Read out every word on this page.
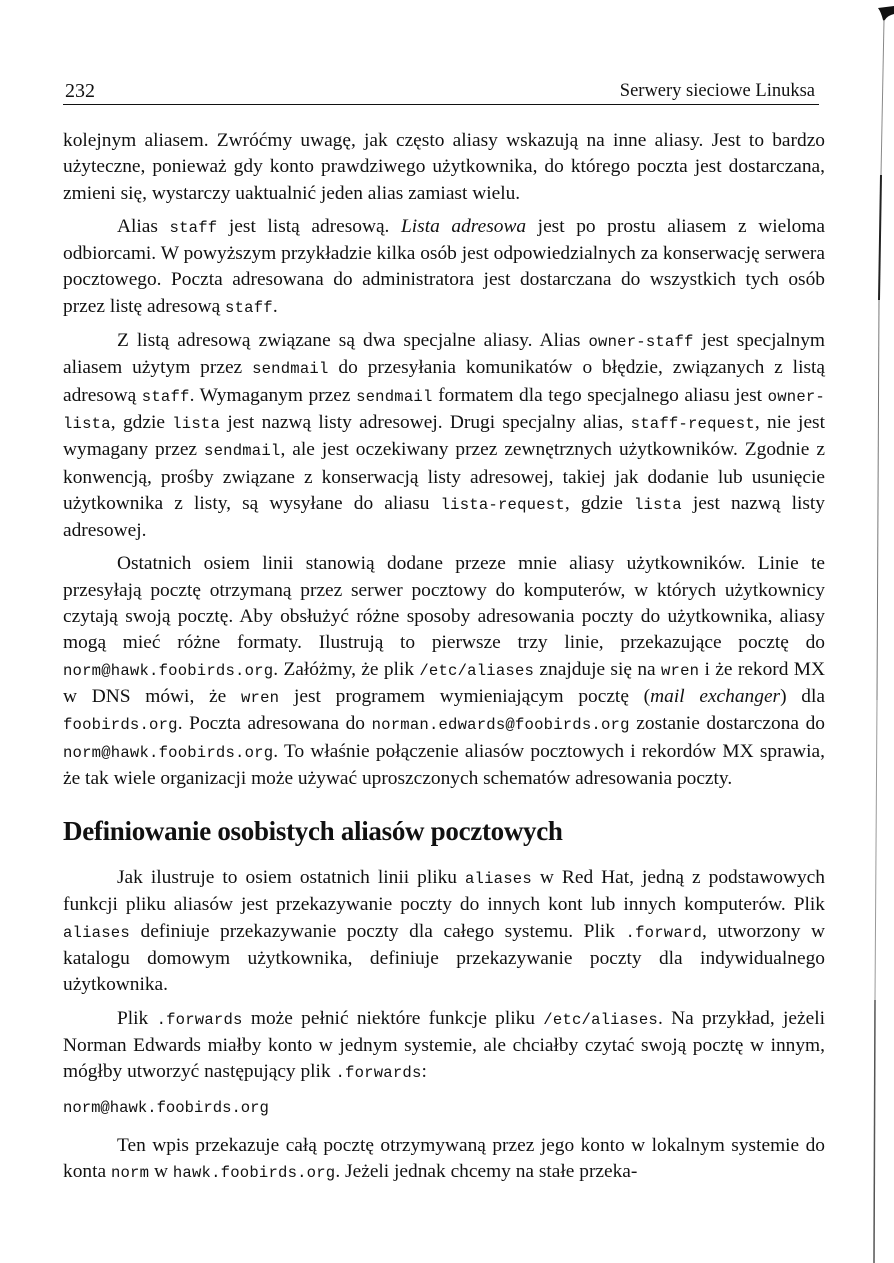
232	Serwery sieciowe Linuksa

kolejnym aliasem. Zwróćmy uwagę, jak często aliasy wskazują na inne aliasy. Jest to bardzo użyteczne, ponieważ gdy konto prawdziwego użytkownika, do którego poczta jest dostarczana, zmieni się, wystarczy uaktualnić jeden alias zamiast wielu.

Alias staff jest listą adresową. Lista adresowa jest po prostu aliasem z wieloma odbiorcami. W powyższym przykładzie kilka osób jest odpowiedzialnych za konserwację serwera pocztowego. Poczta adresowana do administratora jest dostarczana do wszystkich tych osób przez listę adresową staff.

Z listą adresową związane są dwa specjalne aliasy. Alias owner-staff jest specjalnym aliasem użytym przez sendmail do przesyłania komunikatów o błędzie, związanych z listą adresową staff. Wymaganym przez sendmail formatem dla tego specjalnego aliasu jest owner-lista, gdzie lista jest nazwą listy adresowej. Drugi specjalny alias, staff-request, nie jest wymagany przez sendmail, ale jest oczekiwany przez zewnętrznych użytkowników. Zgodnie z konwencją, prośby związane z konserwacją listy adresowej, takiej jak dodanie lub usunięcie użytkownika z listy, są wysyłane do aliasu lista-request, gdzie lista jest nazwą listy adresowej.

Ostatnich osiem linii stanowią dodane przeze mnie aliasy użytkowników. Linie te przesyłają pocztę otrzymaną przez serwer pocztowy do komputerów, w których użytkownicy czytają swoją pocztę. Aby obsłużyć różne sposoby adresowania poczty do użytkownika, aliasy mogą mieć różne formaty. Ilustrują to pierwsze trzy linie, przekazujące pocztę do norm@hawk.foobirds.org. Załóżmy, że plik /etc/aliases znajduje się na wren i że rekord MX w DNS mówi, że wren jest programem wymieniającym pocztę (mail exchanger) dla foobirds.org. Poczta adresowana do norman.edwards@foobirds.org zostanie dostarczona do norm@hawk.foobirds.org. To właśnie połączenie aliasów pocztowych i rekordów MX sprawia, że tak wiele organizacji może używać uproszczonych schematów adresowania poczty.

Definiowanie osobistych aliasów pocztowych

Jak ilustruje to osiem ostatnich linii pliku aliases w Red Hat, jedną z podstawowych funkcji pliku aliasów jest przekazywanie poczty do innych kont lub innych komputerów. Plik aliases definiuje przekazywanie poczty dla całego systemu. Plik .forward, utworzony w katalogu domowym użytkownika, definiuje przekazywanie poczty dla indywidualnego użytkownika.

Plik .forwards może pełnić niektóre funkcje pliku /etc/aliases. Na przykład, jeżeli Norman Edwards miałby konto w jednym systemie, ale chciałby czytać swoją pocztę w innym, mógłby utworzyć następujący plik .forwards:

norm@hawk.foobirds.org

Ten wpis przekazuje całą pocztę otrzymywaną przez jego konto w lokalnym systemie do konta norm w hawk.foobirds.org. Jeżeli jednak chcemy na stałe przeka-
